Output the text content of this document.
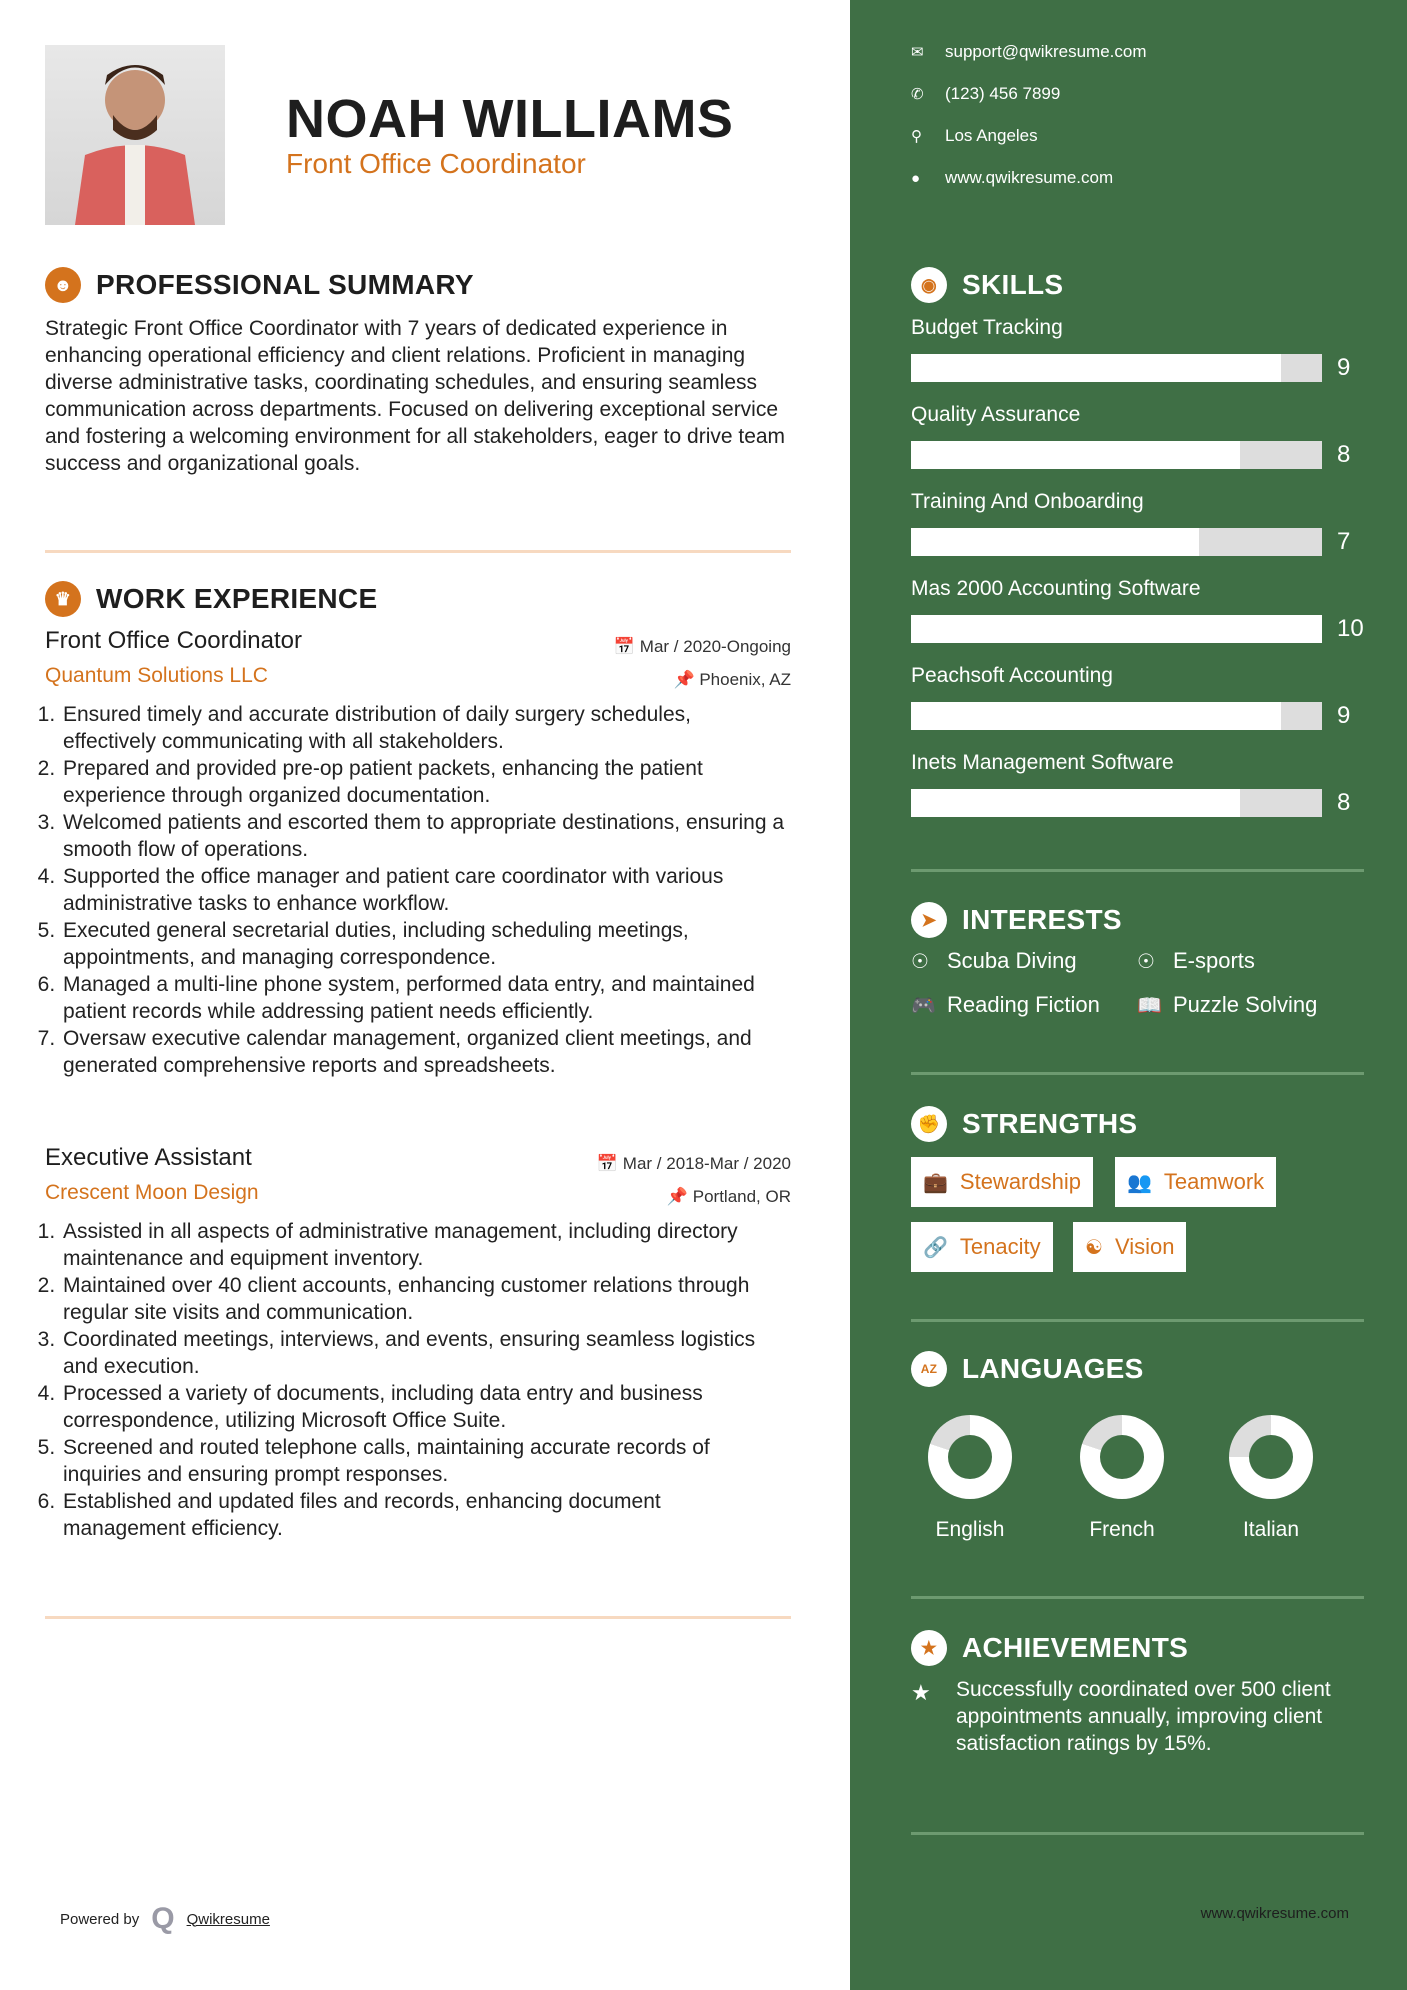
NOAH WILLIAMS
Front Office Coordinator
☻ PROFESSIONAL SUMMARY
Strategic Front Office Coordinator with 7 years of dedicated experience in enhancing operational efficiency and client relations. Proficient in managing diverse administrative tasks, coordinating schedules, and ensuring seamless communication across departments. Focused on delivering exceptional service and fostering a welcoming environment for all stakeholders, eager to drive team success and organizational goals.
♛ WORK EXPERIENCE
Front Office Coordinator
Quantum Solutions LLC
📅 Mar / 2020-Ongoing
📌 Phoenix, AZ
1. Ensured timely and accurate distribution of daily surgery schedules, effectively communicating with all stakeholders.
2. Prepared and provided pre-op patient packets, enhancing the patient experience through organized documentation.
3. Welcomed patients and escorted them to appropriate destinations, ensuring a smooth flow of operations.
4. Supported the office manager and patient care coordinator with various administrative tasks to enhance workflow.
5. Executed general secretarial duties, including scheduling meetings, appointments, and managing correspondence.
6. Managed a multi-line phone system, performed data entry, and maintained patient records while addressing patient needs efficiently.
7. Oversaw executive calendar management, organized client meetings, and generated comprehensive reports and spreadsheets.
Executive Assistant
Crescent Moon Design
📅 Mar / 2018-Mar / 2020
📌 Portland, OR
1. Assisted in all aspects of administrative management, including directory maintenance and equipment inventory.
2. Maintained over 40 client accounts, enhancing customer relations through regular site visits and communication.
3. Coordinated meetings, interviews, and events, ensuring seamless logistics and execution.
4. Processed a variety of documents, including data entry and business correspondence, utilizing Microsoft Office Suite.
5. Screened and routed telephone calls, maintaining accurate records of inquiries and ensuring prompt responses.
6. Established and updated files and records, enhancing document management efficiency.
Powered by Q Qwikresume
✉	support@qwikresume.com
✆	(123) 456 7899
⚲	Los Angeles
●	www.qwikresume.com
◉ SKILLS
Budget Tracking
9
Quality Assurance
8
Training And Onboarding
7
Mas 2000 Accounting Software
10
Peachsoft Accounting
9
Inets Management Software
8
➤ INTERESTS
☉ Scuba Diving	☉ E-sports
🎮 Reading Fiction 📖 Puzzle Solving
✊ STRENGTHS
💼 Stewardship 👥 Teamwork
🔗 Tenacity ☯ Vision
AZ LANGUAGES
English	French	Italian
★ ACHIEVEMENTS
★ Successfully coordinated over 500 client appointments annually, improving client satisfaction ratings by 15%.
www.qwikresume.com
